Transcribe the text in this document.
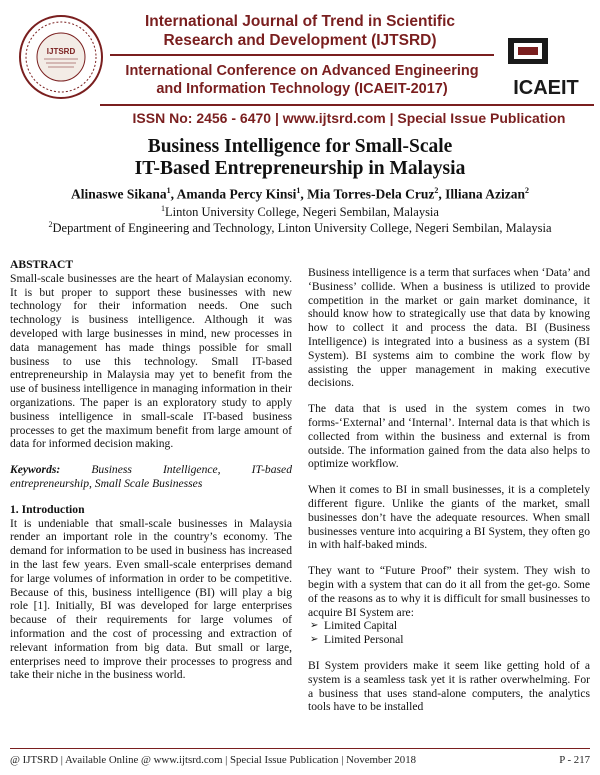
IJTSRD
International Journal of Trend in Scientific
Research and Development (IJTSRD)
International Conference on Advanced Engineering
and Information Technology (ICAEIT-2017)
ISSN No: 2456 - 6470 | www.ijtsrd.com | Special Issue Publication
ICAEIT
Business Intelligence for Small-Scale
IT-Based Entrepreneurship in Malaysia
Alinaswe Sikana$^1$, Amanda Percy Kinsi$^1$, Mia Torres-Dela Cruz$^2$, Illiana Azizan$^2$
$^1$Linton University College, Negeri Sembilan, Malaysia
$^2$Department of Engineering and Technology, Linton University College, Negeri Sembilan, Malaysia
ABSTRACT

Small-scale businesses are the heart of Malaysian economy. It is but proper to support these businesses with new technology for their information needs. One such technology is business intelligence. Although it was developed with large businesses in mind, new processes in data management has made things possible for small business to use this technology. Small IT-based entrepreneurship in Malaysia may yet to benefit from the use of business intelligence in managing information in their organizations. The paper is an exploratory study to apply business intelligence in small-scale IT-based business processes to get the maximum benefit from large amount of data for informed decision making.

Keywords:	Business Intelligence, IT-based entrepreneurship, Small Scale Businesses

1. Introduction

It is undeniable that small-scale businesses in Malaysia render an important role in the country’s economy. The demand for information to be used in business has increased in the last few years. Even small-scale enterprises demand for large volumes of information in order to be competitive. Because of this, business intelligence (BI) will play a big role [1]. Initially, BI was developed for large enterprises because of their requirements for large volumes of information and the cost of processing and extraction of relevant information from big data. But small or large, enterprises need to improve their processes to progress and take their niche in the business world.

Business intelligence is a term that surfaces when ‘Data’ and ‘Business’ collide. When a business is utilized to provide competition in the market or gain market dominance, it should know how to strategically use that data by knowing how to collect it and process the data. BI (Business Intelligence) is integrated into a business as a system (BI System). BI systems aim to combine the work flow by assisting the upper management in making executive decisions.

The data that is used in the system comes in two forms-‘External’ and ‘Internal’. Internal data is that which is collected from within the business and external is from outside. The information gained from the data also helps to optimize workflow.

When it comes to BI in small businesses, it is a completely different figure. Unlike the giants of the market, small businesses don’t have the adequate resources. When small businesses venture into acquiring a BI System, they often go in with half-baked minds.

They want to “Future Proof” their system. They wish to begin with a system that can do it all from the get-go. Some of the reasons as to why it is difficult for small businesses to acquire BI System are:

➢ Limited Capital
➢ Limited Personal

BI System providers make it seem like getting hold of a system is a seamless task yet it is rather overwhelming. For a business that uses stand-alone computers, the analytics tools have to be installed

@ IJTSRD | Available Online @ www.ijtsrd.com | Special Issue Publication | November 2018	P - 217
